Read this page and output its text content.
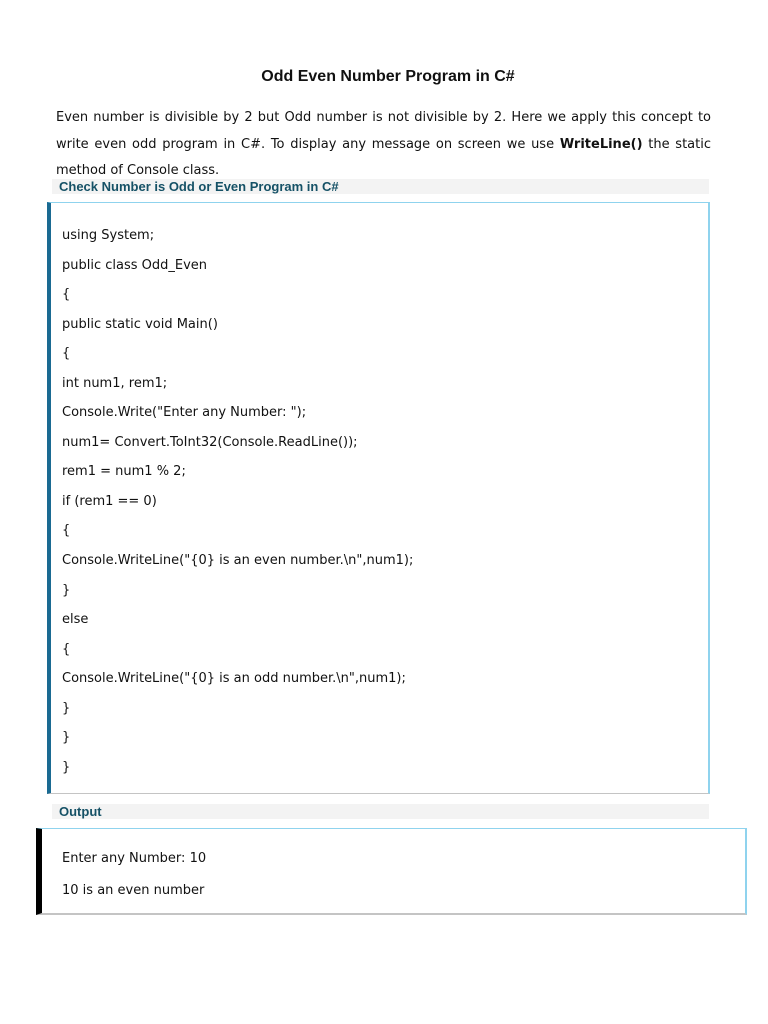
Odd Even Number Program in C#

Even number is divisible by 2 but Odd number is not divisible by 2. Here we apply this concept to write even odd program in C#. To display any message on screen we use WriteLine() the static method of Console class.

Check Number is Odd or Even Program in C#
using System;
public class Odd_Even
{
public static void Main()
{
int num1, rem1;
Console.Write("Enter any Number: ");
num1= Convert.ToInt32(Console.ReadLine());
rem1 = num1 % 2;
if (rem1 == 0)
{
Console.WriteLine("{0} is an even number.\n",num1);
}
else
{
Console.WriteLine("{0} is an odd number.\n",num1);
}
}
}
Output
Enter any Number: 10
10 is an even number
